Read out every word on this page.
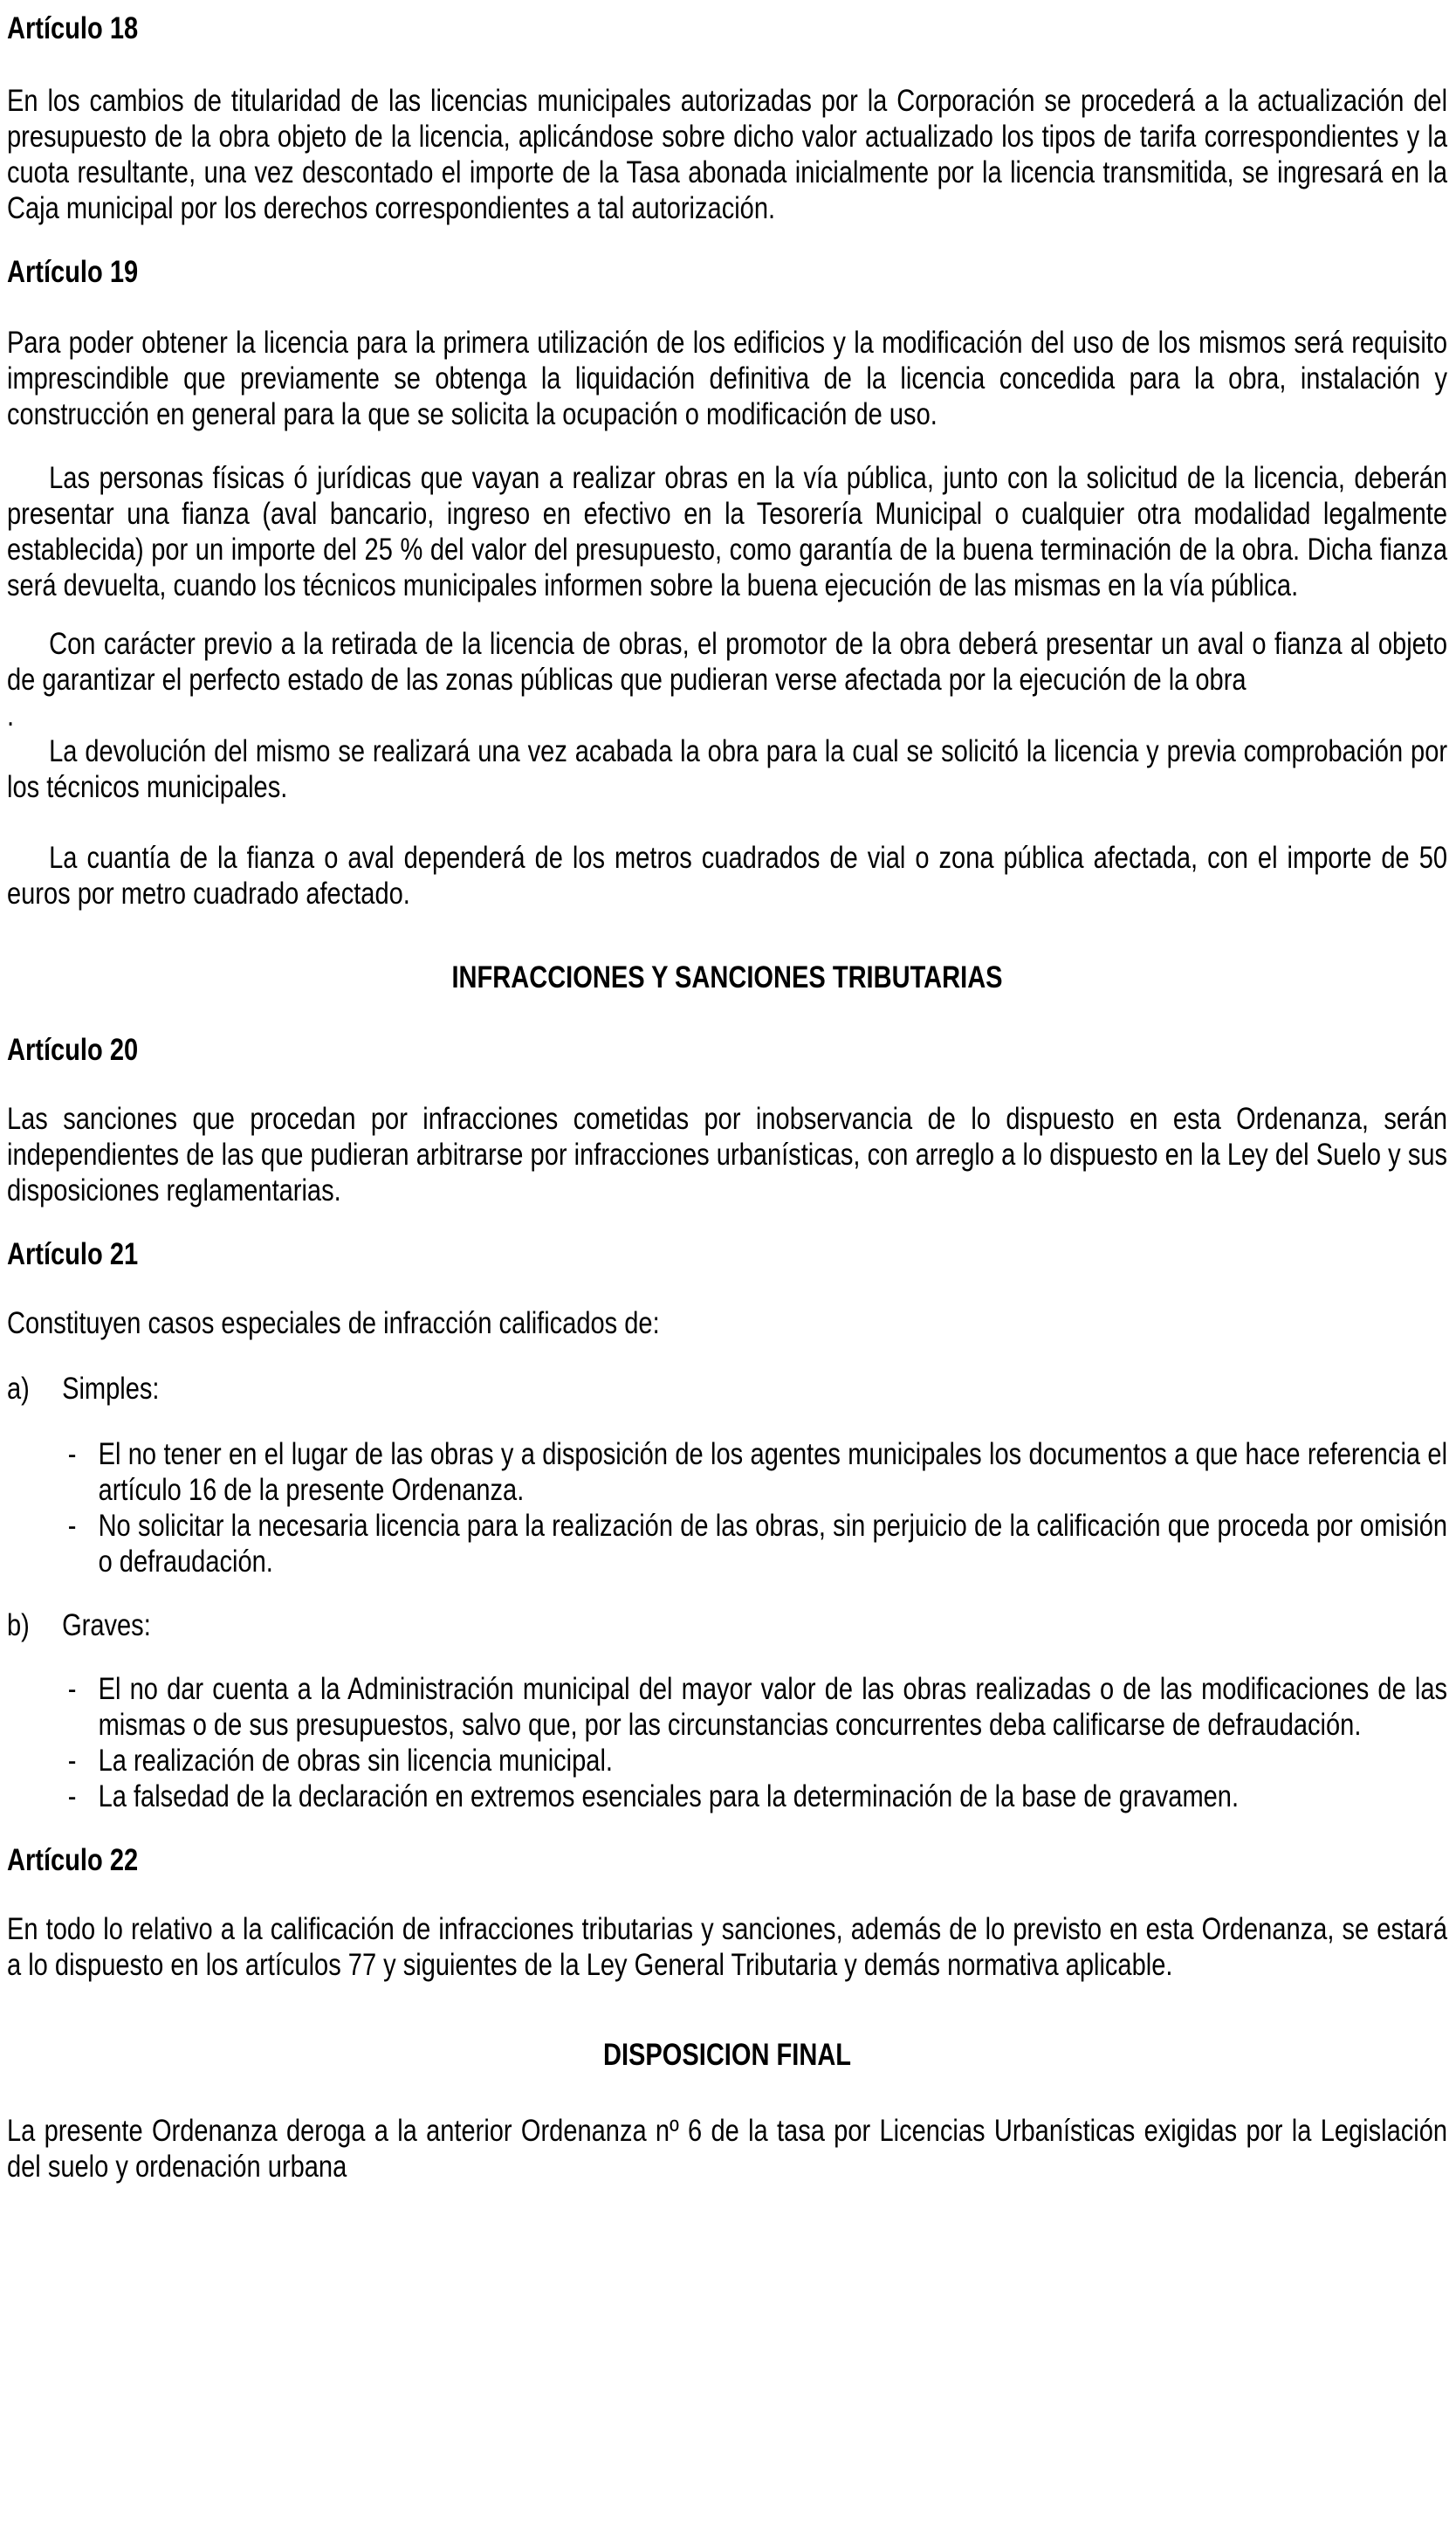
Artículo 18

En los cambios de titularidad de las licencias municipales autorizadas por la Corporación se procederá a la actualización del presupuesto de la obra objeto de la licencia, aplicándose sobre dicho valor actualizado los tipos de tarifa correspondientes y la cuota resultante, una vez descontado el importe de la Tasa abonada inicialmente por la licencia transmitida, se ingresará en la Caja municipal por los derechos correspondientes a tal autorización.

Artículo 19

Para poder obtener la licencia para la primera utilización de los edificios y la modificación del uso de los mismos será requisito imprescindible que previamente se obtenga la liquidación definitiva de la licencia concedida para la obra, instalación y construcción en general para la que se solicita la ocupación o modificación de uso.

Las personas físicas ó jurídicas que vayan a realizar obras en la vía pública, junto con la solicitud de la licencia, deberán presentar una fianza (aval bancario, ingreso en efectivo en la Tesorería Municipal o cualquier otra modalidad legalmente establecida) por un importe del 25 % del valor del presupuesto, como garantía de la buena terminación de la obra. Dicha fianza será devuelta, cuando los técnicos municipales informen sobre la buena ejecución de las mismas en la vía pública.

Con carácter previo a la retirada de la licencia de obras, el promotor de la obra deberá presentar un aval o fianza al objeto de garantizar el perfecto estado de las zonas públicas que pudieran verse afectada por la ejecución de la obra

.

La devolución del mismo se realizará una vez acabada la obra para la cual se solicitó la licencia y previa comprobación por los técnicos municipales.

La cuantía de la fianza o aval dependerá de los metros cuadrados de vial o zona pública afectada, con el importe de 50 euros por metro cuadrado afectado.

INFRACCIONES Y SANCIONES TRIBUTARIAS
Artículo 20

Las sanciones que procedan por infracciones cometidas por inobservancia de lo dispuesto en esta Ordenanza, serán independientes de las que pudieran arbitrarse por infracciones urbanísticas, con arreglo a lo dispuesto en la Ley del Suelo y sus disposiciones reglamentarias.

Artículo 21

Constituyen casos especiales de infracción calificados de:

a) Simples:
- El no tener en el lugar de las obras y a disposición de los agentes municipales los documentos a que hace referencia el artículo 16 de la presente Ordenanza.
- No solicitar la necesaria licencia para la realización de las obras, sin perjuicio de la calificación que proceda por omisión o defraudación.
b) Graves:
- El no dar cuenta a la Administración municipal del mayor valor de las obras realizadas o de las modificaciones de las mismas o de sus presupuestos, salvo que, por las circunstancias concurrentes deba calificarse de defraudación.
- La realización de obras sin licencia municipal.
- La falsedad de la declaración en extremos esenciales para la determinación de la base de gravamen.
Artículo 22

En todo lo relativo a la calificación de infracciones tributarias y sanciones, además de lo previsto en esta Ordenanza, se estará a lo dispuesto en los artículos 77 y siguientes de la Ley General Tributaria y demás normativa aplicable.

DISPOSICION FINAL

La presente Ordenanza deroga a la anterior Ordenanza nº 6 de la tasa por Licencias Urbanísticas exigidas por la Legislación del suelo y ordenación urbana
